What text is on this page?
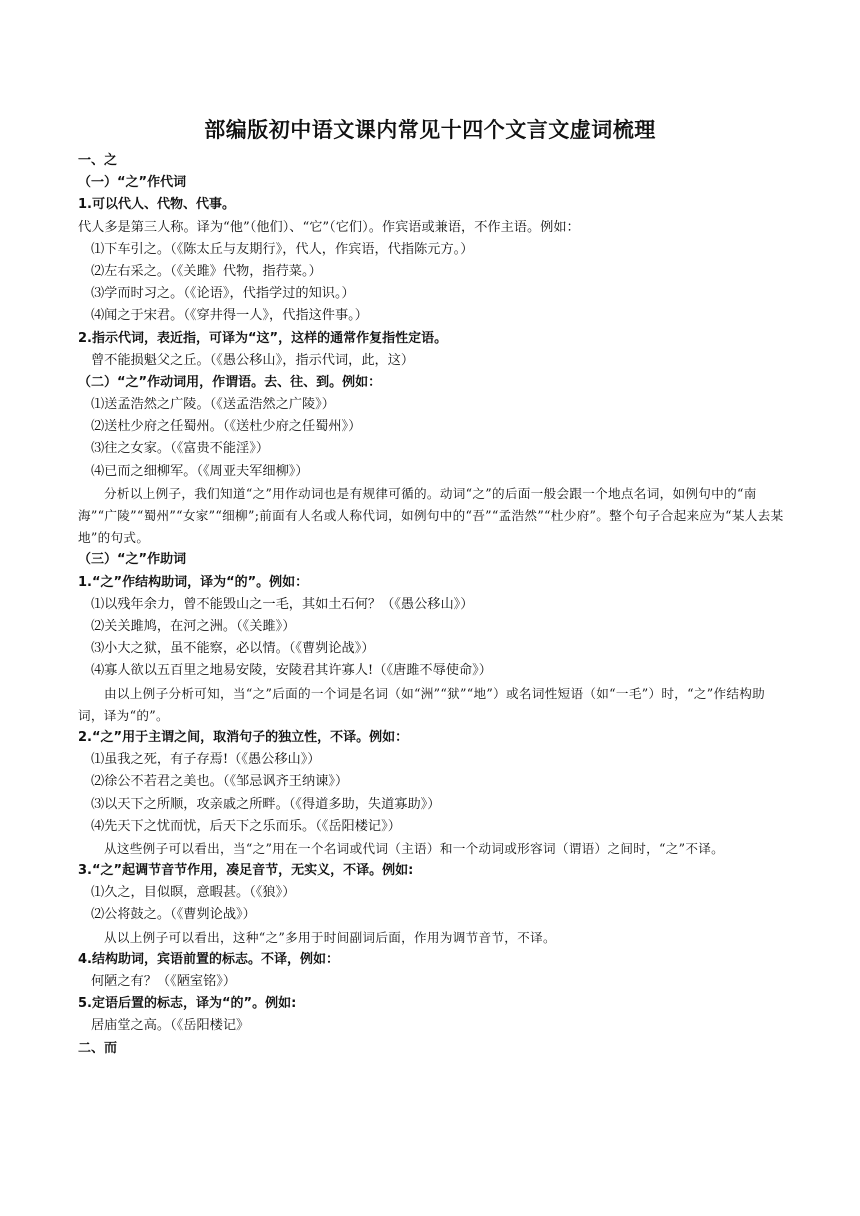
部编版初中语文课内常见十四个文言文虚词梳理
一、之
（一）“之”作代词
1.可以代人、代物、代事。
代人多是第三人称。译为“他”（他们）、“它”（它们）。作宾语或兼语，不作主语。例如：
⑴下车引之。（《陈太丘与友期行》，代人，作宾语，代指陈元方。）
⑵左右采之。（《关雎》代物，指荇菜。）
⑶学而时习之。（《论语》，代指学过的知识。）
⑷闻之于宋君。（《穿井得一人》，代指这件事。）
2.指示代词，表近指，可译为“这”，这样的通常作复指性定语。
曾不能损魁父之丘。（《愚公移山》，指示代词，此，这）
（二）“之”作动词用，作谓语。去、往、到。例如：
⑴送孟浩然之广陵。（《送孟浩然之广陵》）
⑵送杜少府之任蜀州。（《送杜少府之任蜀州》）
⑶往之女家。（《富贵不能淫》）
⑷已而之细柳军。（《周亚夫军细柳》）
分析以上例子，我们知道“之”用作动词也是有规律可循的。动词“之”的后面一般会跟一个地点名词，如例句中的“南海”“广陵”“蜀州”“女家”“细柳”;前面有人名或人称代词，如例句中的“吾”“孟浩然”“杜少府”。整个句子合起来应为“某人去某地”的句式。
（三）“之”作助词
1.“之”作结构助词，译为“的”。例如：
⑴以残年余力，曾不能毁山之一毛，其如土石何？（《愚公移山》）
⑵关关雎鸠，在河之洲。（《关雎》）
⑶小大之狱，虽不能察，必以情。（《曹刿论战》）
⑷寡人欲以五百里之地易安陵，安陵君其许寡人!（《唐雎不辱使命》）
由以上例子分析可知，当“之”后面的一个词是名词（如“洲”“狱”“地”）或名词性短语（如“一毛”）时，“之”作结构助词，译为“的”。
2.“之”用于主谓之间，取消句子的独立性，不译。例如：
⑴虽我之死，有子存焉!（《愚公移山》）
⑵徐公不若君之美也。（《邹忌讽齐王纳谏》）
⑶以天下之所顺，攻亲戚之所畔。（《得道多助，失道寡助》）
⑷先天下之忧而忧，后天下之乐而乐。（《岳阳楼记》）
从这些例子可以看出，当“之”用在一个名词或代词（主语）和一个动词或形容词（谓语）之间时，“之”不译。
3.“之”起调节音节作用，凑足音节，无实义，不译。例如:
⑴久之，目似瞑，意暇甚。（《狼》）
⑵公将鼓之。（《曹刿论战》）
从以上例子可以看出，这种“之”多用于时间副词后面，作用为调节音节，不译。
4.结构助词，宾语前置的标志。不译，例如：
何陋之有？（《陋室铭》）
5.定语后置的标志，译为“的”。例如:
居庙堂之高。（《岳阳楼记》
二、而
